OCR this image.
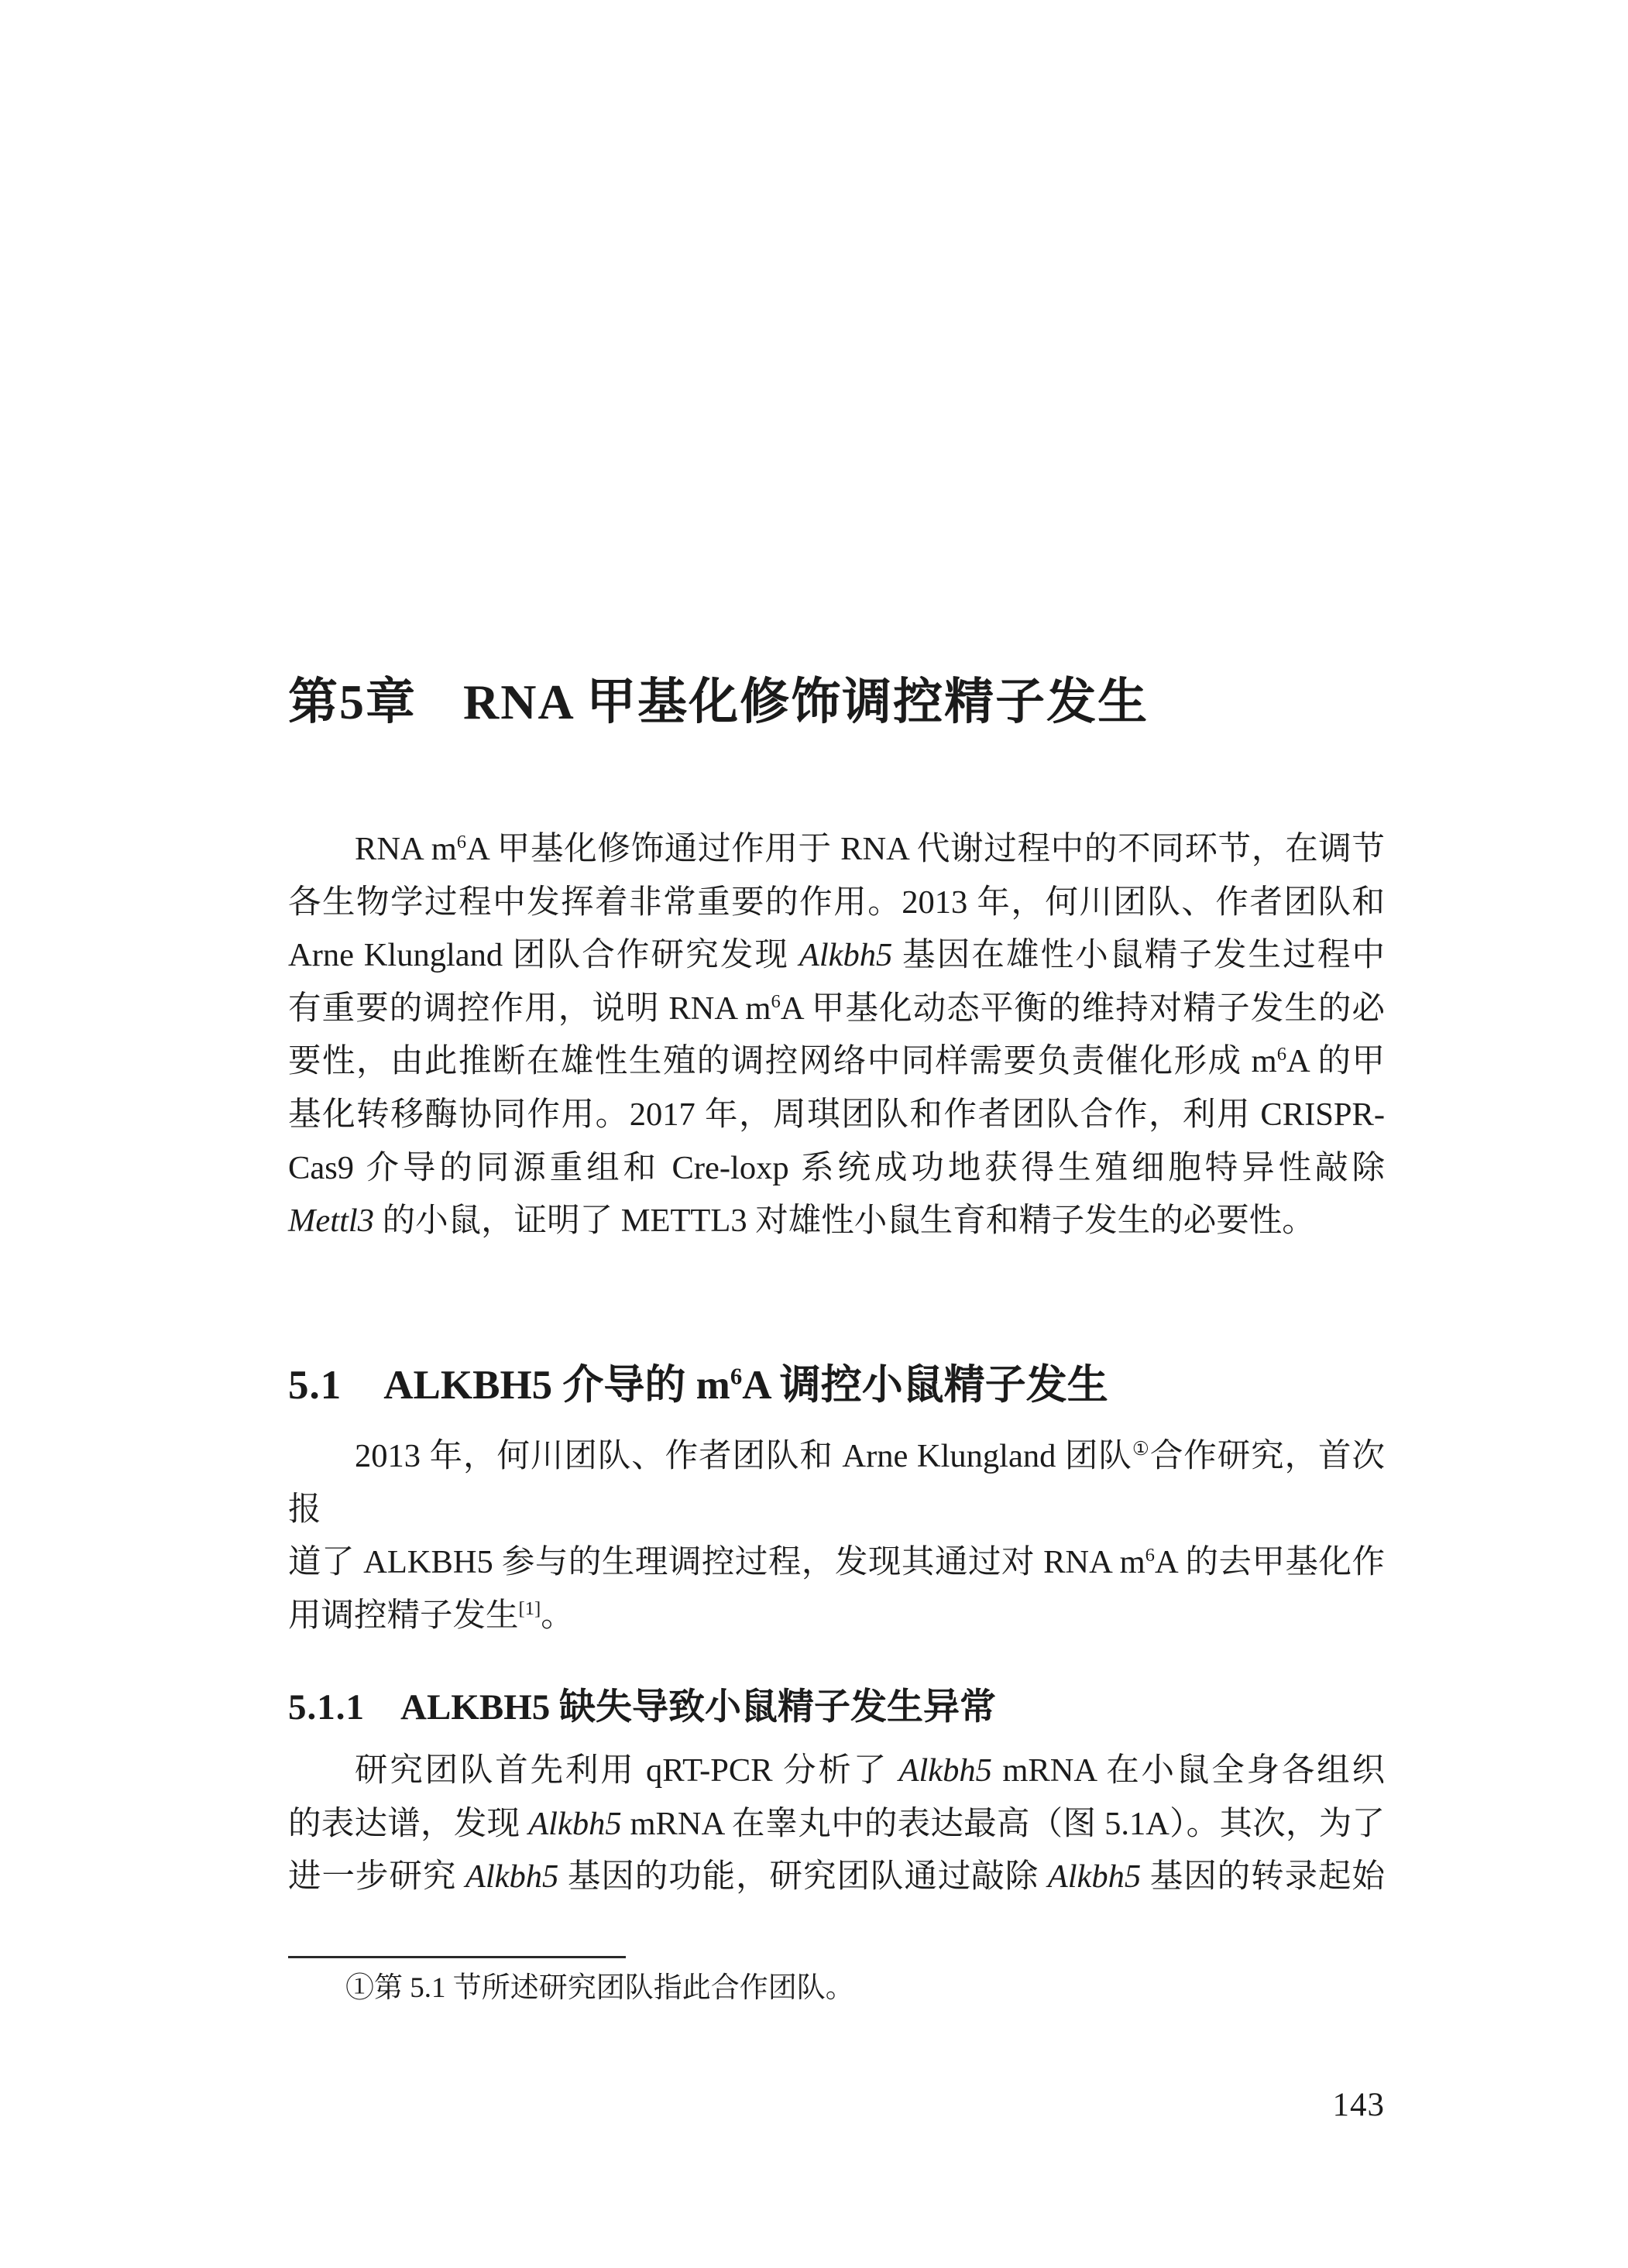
第5章 RNA 甲基化修饰调控精子发生
RNA $m^6A$ 甲基化修饰通过作用于 RNA 代谢过程中的不同环节，在调节
各生物学过程中发挥着非常重要的作用。2013 年，何川团队、作者团队和
Arne Klungland 团队合作研究发现 Alkbh5 基因在雄性小鼠精子发生过程中
有重要的调控作用，说明 RNA $m^6A$ 甲基化动态平衡的维持对精子发生的必
要性，由此推断在雄性生殖的调控网络中同样需要负责催化形成 $m^6A$ 的甲
基化转移酶协同作用。2017 年，周琪团队和作者团队合作，利用 CRISPR-
Cas9 介导的同源重组和 Cre-loxp 系统成功地获得生殖细胞特异性敲除
Mettl3 的小鼠，证明了 METTL3 对雄性小鼠生育和精子发生的必要性。
5.1 ALKBH5 介导的 $m^6A$ 调控小鼠精子发生
2013 年，何川团队、作者团队和 Arne Klungland 团队①合作研究，首次报
道了 ALKBH5 参与的生理调控过程，发现其通过对 RNA $m^6A$ 的去甲基化作
用调控精子发生[1]。
5.1.1 ALKBH5 缺失导致小鼠精子发生异常
研究团队首先利用 qRT-PCR 分析了 Alkbh5 mRNA 在小鼠全身各组织
的表达谱，发现 Alkbh5 mRNA 在睾丸中的表达最高（图 5.1A）。其次，为了
进一步研究 Alkbh5 基因的功能，研究团队通过敲除 Alkbh5 基因的转录起始
①第 5.1 节所述研究团队指此合作团队。
143
